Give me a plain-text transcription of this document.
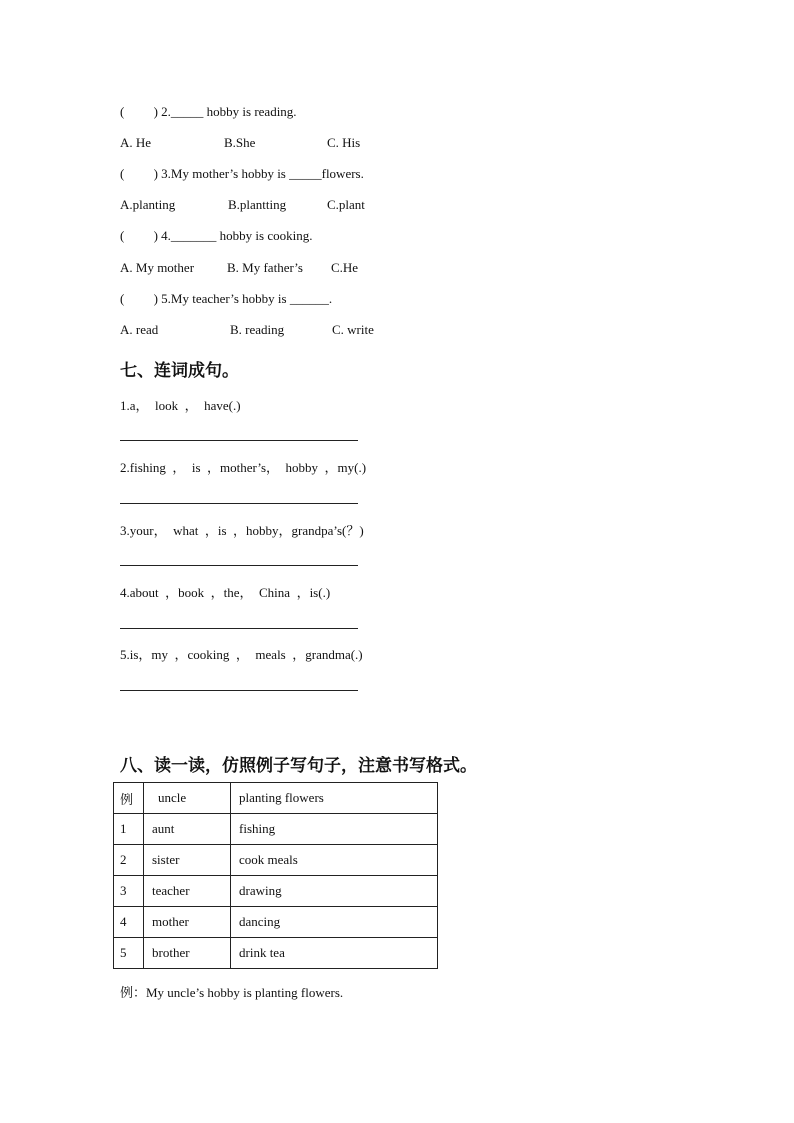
(         ) 2._____ hobby is reading.
A. He	B.She	C. His
(         ) 3.My mother’s hobby is _____flowers.
A.planting	B.plantting	C.plant
(         ) 4._______ hobby is cooking.
A. My mother	B. My father’s C.He
(         ) 5.My teacher’s hobby is ______.
A. read	B. reading	C. write
七、连词成句。
1.a，  look  ，  have(.)
2.fishing  ，  is  ，mother’s，  hobby  ，my(.)
3.your，  what  ，is  ，hobby，grandpa’s(？)
4.about  ，book  ，the，  China  ，is(.)
5.is，my  ，cooking  ，  meals  ，grandma(.)
八、读一读，仿照例子写句子，注意书写格式。
例	uncle	planting flowers
1	aunt	fishing
2	sister	cook meals
3	teacher	drawing
4	mother	dancing
5	brother	drink tea
例：My uncle’s hobby is planting flowers.
